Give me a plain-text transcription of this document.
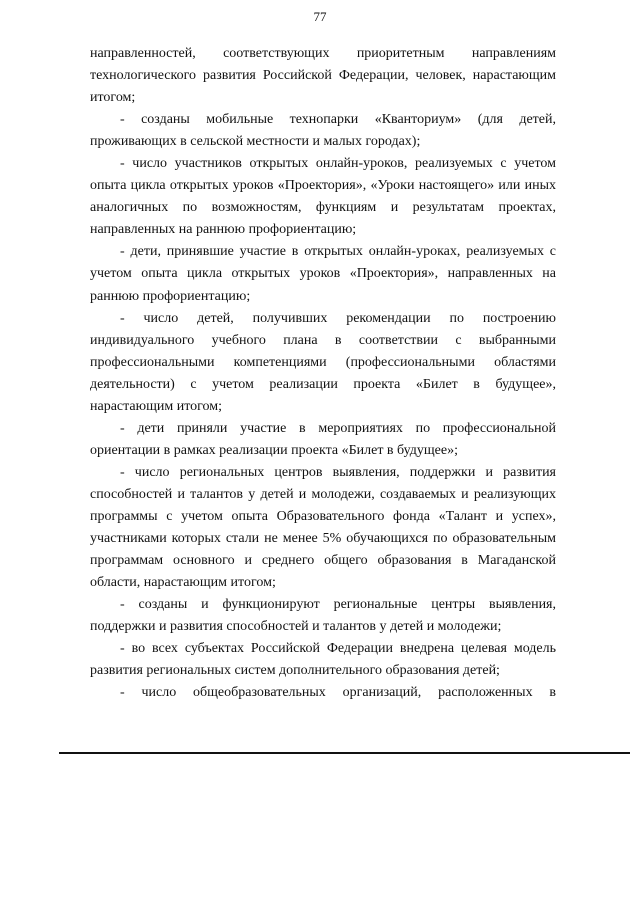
77

направленностей, соответствующих приоритетным направлениям технологического развития Российской Федерации, человек, нарастающим итогом;

- созданы мобильные технопарки «Кванториум» (для детей, проживающих в сельской местности и малых городах);

- число участников открытых онлайн-уроков, реализуемых с учетом опыта цикла открытых уроков «Проектория», «Уроки настоящего» или иных аналогичных по возможностям, функциям и результатам проектах, направленных на раннюю профориентацию;

- дети, принявшие участие в открытых онлайн-уроках, реализуемых с учетом опыта цикла открытых уроков «Проектория», направленных на раннюю профориентацию;

- число детей, получивших рекомендации по построению индивидуального учебного плана в соответствии с выбранными профессиональными компетенциями (профессиональными областями деятельности) с учетом реализации проекта «Билет в будущее», нарастающим итогом;

- дети приняли участие в мероприятиях по профессиональной ориентации в рамках реализации проекта «Билет в будущее»;

- число региональных центров выявления, поддержки и развития способностей и талантов у детей и молодежи, создаваемых и реализующих программы с учетом опыта Образовательного фонда «Талант и успех», участниками которых стали не менее 5% обучающихся по образовательным программам основного и среднего общего образования в Магаданской области, нарастающим итогом;

- созданы и функционируют региональные центры выявления, поддержки и развития способностей и талантов у детей и молодежи;

- во всех субъектах Российской Федерации внедрена целевая модель развития региональных систем дополнительного образования детей;

- число общеобразовательных организаций, расположенных в
